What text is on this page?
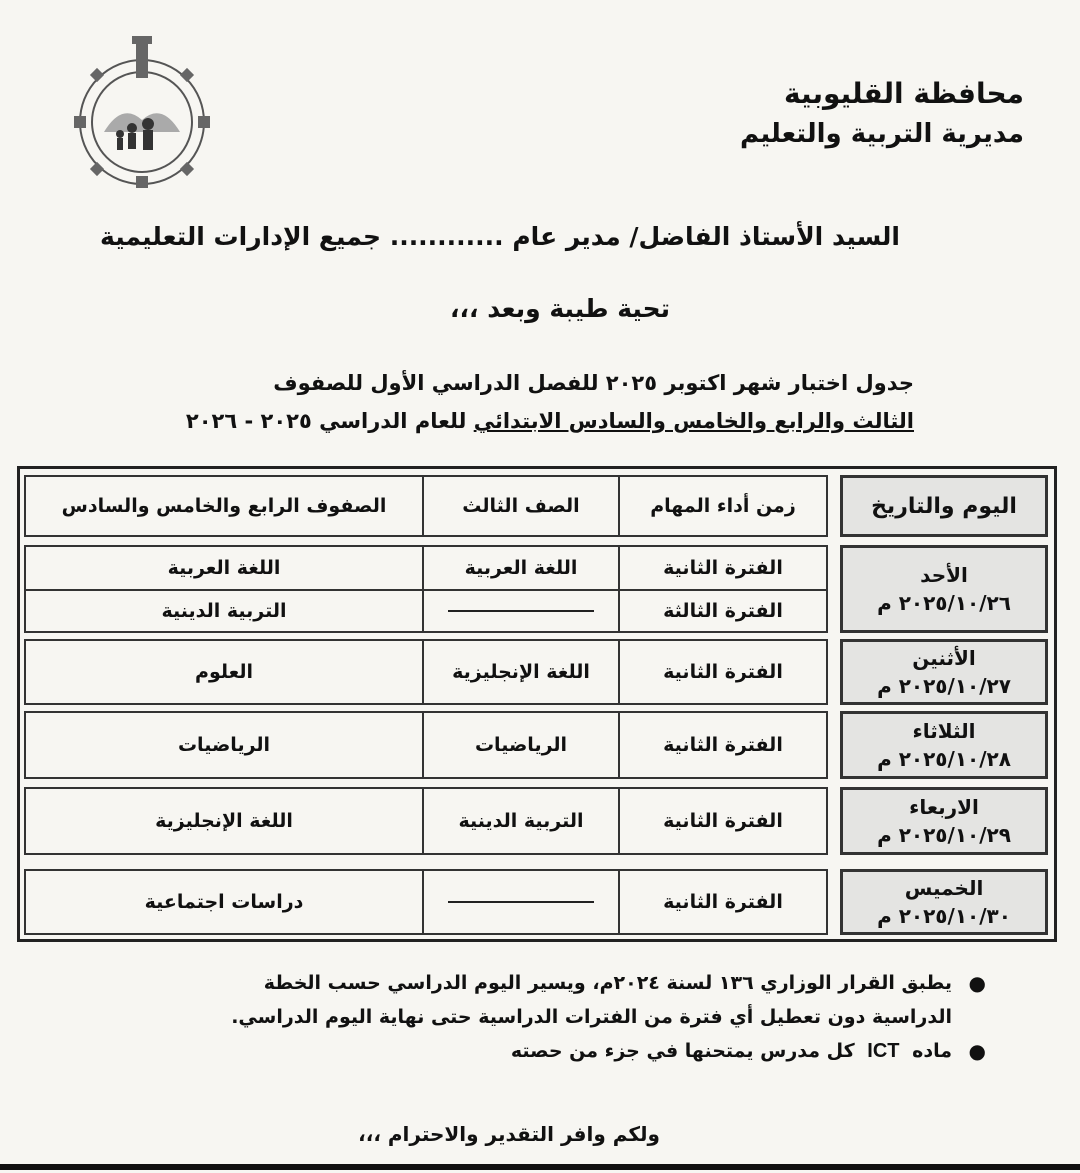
محافظة القليوبية
مديرية التربية والتعليم
السيد الأستاذ الفاضل/ مدير عام ............ جميع الإدارات التعليمية
تحية طيبة وبعد ،،،
جدول اختبار شهر اكتوبر ٢٠٢٥ للفصل الدراسي الأول للصفوف
الثالث والرابع والخامس والسادس الابتدائي للعام الدراسي ٢٠٢٥ - ٢٠٢٦
اليوم والتاريخ
الأحد
٢٠٢٥/١٠/٢٦ م
الأثنين
٢٠٢٥/١٠/٢٧ م
الثلاثاء
٢٠٢٥/١٠/٢٨ م
الاربعاء
٢٠٢٥/١٠/٢٩ م
الخميس
٢٠٢٥/١٠/٣٠ م
زمن أداء المهام
الصف الثالث
الصفوف الرابع والخامس والسادس
الفترة الثانية
اللغة العربية
اللغة العربية
الفترة الثالثة
التربية الدينية
الفترة الثانية
اللغة الإنجليزية
العلوم
الفترة الثانية
الرياضيات
الرياضيات
الفترة الثانية
التربية الدينية
اللغة الإنجليزية
الفترة الثانية
دراسات اجتماعية
●
يطبق القرار الوزاري ١٣٦ لسنة ٢٠٢٤م، ويسير اليوم الدراسي حسب الخطة
الدراسية دون تعطيل أي فترة من الفترات الدراسية حتى نهاية اليوم الدراسي.
●
ماده ICT كل مدرس يمتحنها في جزء من حصته
ولكم وافر التقدير والاحترام ،،،
